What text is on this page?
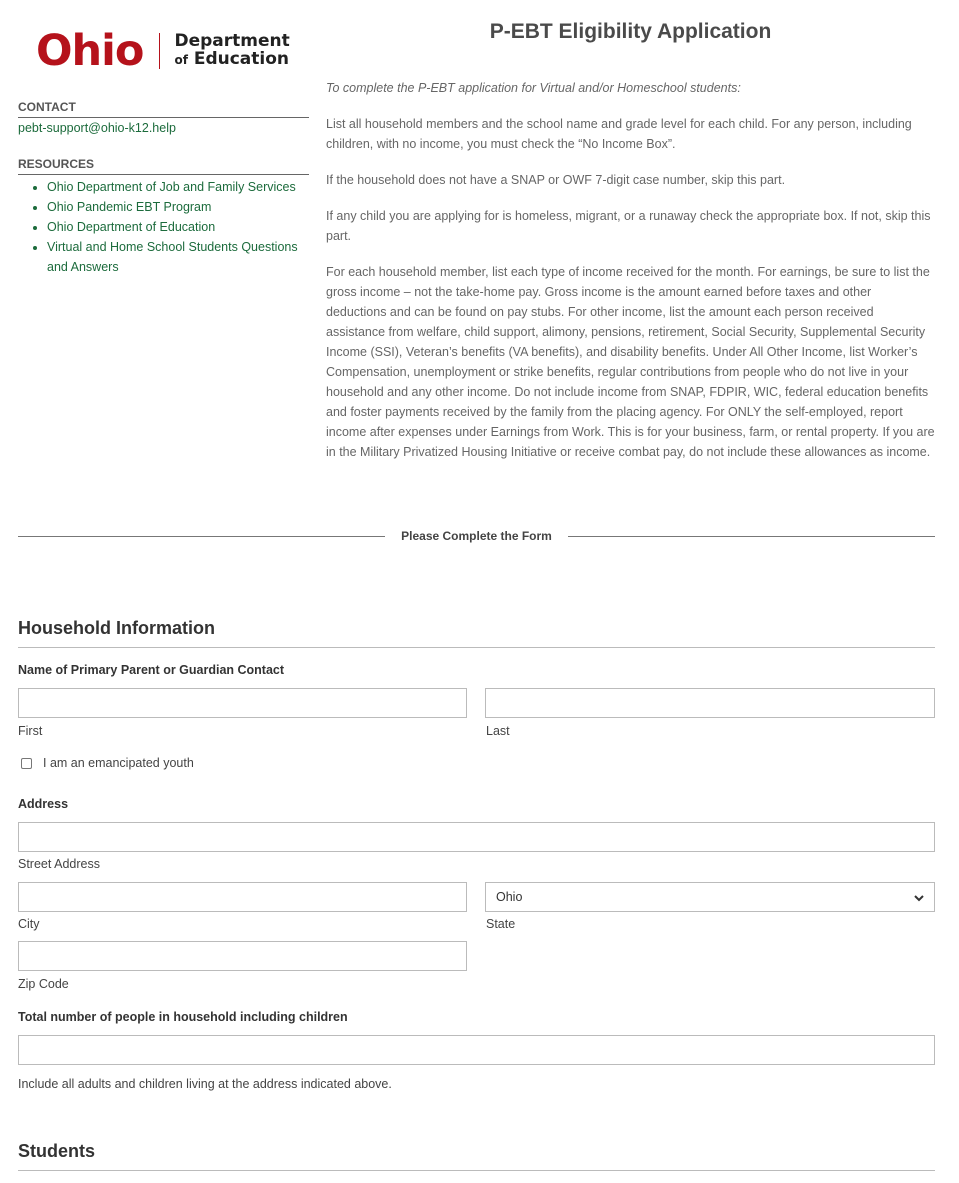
Ohio Department
of Education
P-EBT Eligibility Application
CONTACT
pebt-support@ohio-k12.help
RESOURCES
• Ohio Department of Job and Family Services
• Ohio Pandemic EBT Program
• Ohio Department of Education
• Virtual and Home School Students Questions and Answers

To complete the P-EBT application for Virtual and/or Homeschool students:

List all household members and the school name and grade level for each child. For any person, including children, with no income, you must check the “No Income Box”.

If the household does not have a SNAP or OWF 7-digit case number, skip this part.

If any child you are applying for is homeless, migrant, or a runaway check the appropriate box. If not, skip this part.

For each household member, list each type of income received for the month. For earnings, be sure to list the gross income – not the take-home pay. Gross income is the amount earned before taxes and other deductions and can be found on pay stubs. For other income, list the amount each person received assistance from welfare, child support, alimony, pensions, retirement, Social Security, Supplemental Security Income (SSI), Veteran’s benefits (VA benefits), and disability benefits. Under All Other Income, list Worker’s Compensation, unemployment or strike benefits, regular contributions from people who do not live in your household and any other income. Do not include income from SNAP, FDPIR, WIC, federal education benefits and foster payments received by the family from the placing agency. For ONLY the self-employed, report income after expenses under Earnings from Work. This is for your business, farm, or rental property. If you are in the Military Privatized Housing Initiative or receive combat pay, do not include these allowances as income.

Please Complete the Form
Household Information
Name of Primary Parent or Guardian Contact
First	Last
I am an emancipated youth
Address
Street Address
City
Ohio
State
Zip Code
Total number of people in household including children
Include all adults and children living at the address indicated above.
Students
